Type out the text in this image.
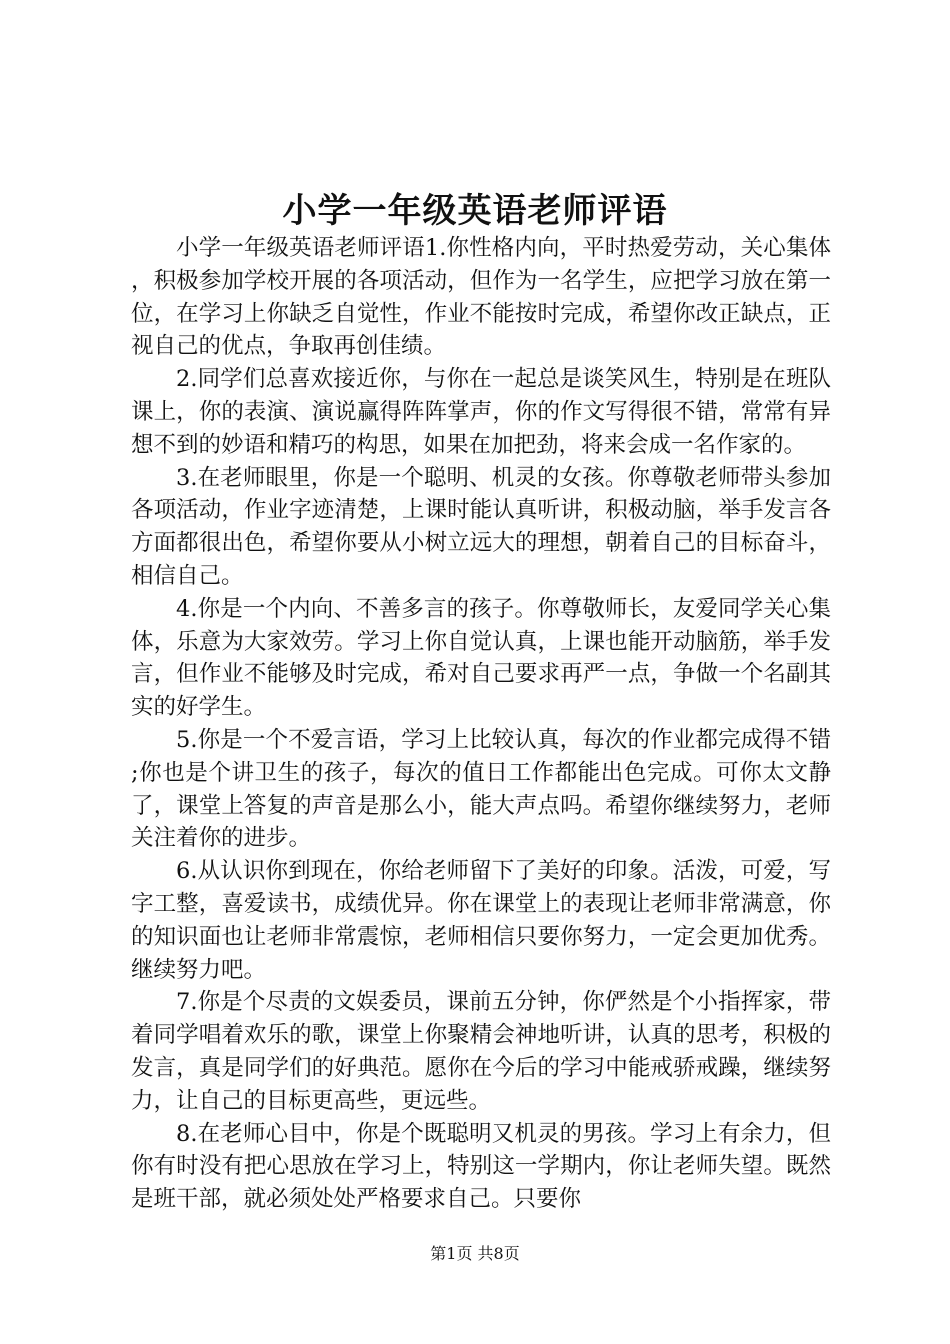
小学一年级英语老师评语

小学一年级英语老师评语1.你性格内向，平时热爱劳动，关心集体，积极参加学校开展的各项活动，但作为一名学生，应把学习放在第一位，在学习上你缺乏自觉性，作业不能按时完成，希望你改正缺点，正视自己的优点，争取再创佳绩。

2.同学们总喜欢接近你，与你在一起总是谈笑风生，特别是在班队课上，你的表演、演说赢得阵阵掌声，你的作文写得很不错，常常有异想不到的妙语和精巧的构思，如果在加把劲，将来会成一名作家的。

3.在老师眼里，你是一个聪明、机灵的女孩。你尊敬老师带头参加各项活动，作业字迹清楚，上课时能认真听讲，积极动脑，举手发言各方面都很出色，希望你要从小树立远大的理想，朝着自己的目标奋斗，相信自己。

4.你是一个内向、不善多言的孩子。你尊敬师长，友爱同学关心集体，乐意为大家效劳。学习上你自觉认真，上课也能开动脑筋，举手发言，但作业不能够及时完成，希对自己要求再严一点，争做一个名副其实的好学生。

5.你是一个不爱言语，学习上比较认真，每次的作业都完成得不错;你也是个讲卫生的孩子，每次的值日工作都能出色完成。可你太文静了，课堂上答复的声音是那么小，能大声点吗。希望你继续努力，老师关注着你的进步。

6.从认识你到现在，你给老师留下了美好的印象。活泼，可爱，写字工整，喜爱读书，成绩优异。你在课堂上的表现让老师非常满意，你的知识面也让老师非常震惊，老师相信只要你努力，一定会更加优秀。继续努力吧。

7.你是个尽责的文娱委员，课前五分钟，你俨然是个小指挥家，带着同学唱着欢乐的歌，课堂上你聚精会神地听讲，认真的思考，积极的发言，真是同学们的好典范。愿你在今后的学习中能戒骄戒躁，继续努力，让自己的目标更高些，更远些。

8.在老师心目中，你是个既聪明又机灵的男孩。学习上有余力，但你有时没有把心思放在学习上，特别这一学期内，你让老师失望。既然是班干部，就必须处处严格要求自己。只要你

第1页 共8页
